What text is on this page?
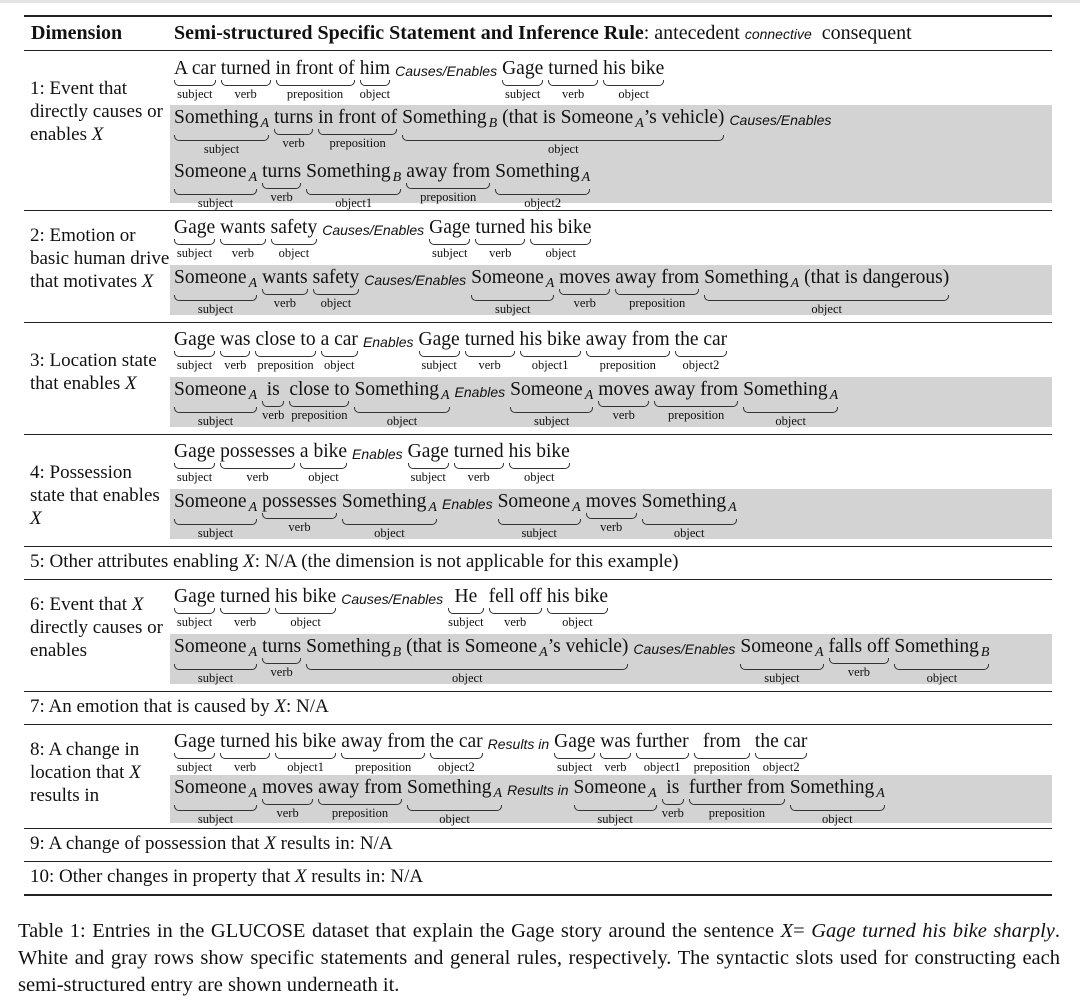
Dimension	Semi-structured Specific Statement and Inference Rule: antecedent connective consequent
1: Event that directly causes or enables X
A car
subject
turned
verb
in front of
preposition
him
object
Causes/Enables Gage
subject
turned
verb
his bike
object
Something $_A$
subject
turns
verb
in front of
preposition
Something $_B$ (that is Someone $_A$’s vehicle)
object
Causes/Enables
Someone $_A$
subject
turns
verb
Something $_B$
object1
away from
preposition
Something $_A$
object2
2: Emotion or basic human drive that motivates X
Gage
subject
wants
verb
safety
object
Causes/Enables Gage
subject
turned
verb
his bike
object
Someone $_A$
subject
wants
verb
safety
object
Causes/Enables Someone $_A$
subject
moves
verb
away from
preposition
Something $_A$ (that is dangerous)
object
3: Location state that enables X
Gage
subject
was
verb
close to
preposition
a car
object
Enables Gage
subject
turned
verb
his bike
object1
away from
preposition
the car
object2
Someone $_A$
subject
is
verb
close to
preposition
Something $_A$
object
Enables Someone $_A$
subject
moves
verb
away from
preposition
Something $_A$
object
4: Possession state that enables X
Gage
subject
possesses
verb
a bike
object
Enables Gage
subject
turned
verb
his bike
object
Someone $_A$
subject
possesses
verb
Something $_A$
object
Enables Someone $_A$
subject
moves
verb
Something $_A$
object
5: Other attributes enabling X: N/A (the dimension is not applicable for this example)
6: Event that X directly causes or enables
Gage
subject
turned
verb
his bike
object
Causes/Enables He
subject
fell off
verb
his bike
object
Someone $_A$
subject
turns
verb
Something $_B$ (that is Someone $_A$’s vehicle)
object
Causes/Enables Someone $_A$
subject
falls off
verb
Something $_B$
object
7: An emotion that is caused by X: N/A
8: A change in location that X results in
Gage
subject
turned
verb
his bike
object1
away from
preposition
the car
object2
Results in Gage
subject
was
verb
further
object1
from
preposition
the car
object2
Someone $_A$
subject
moves
verb
away from
preposition
Something $_A$
object
Results in Someone $_A$
subject
is
verb
further from
preposition
Something $_A$
object
9: A change of possession that X results in: N/A
10: Other changes in property that X results in: N/A
Table 1: Entries in the GLUCOSE dataset that explain the Gage story around the sentence X= Gage turned his bike sharply. White and gray rows show specific statements and general rules, respectively. The syntactic slots used for constructing each semi-structured entry are shown underneath it.
